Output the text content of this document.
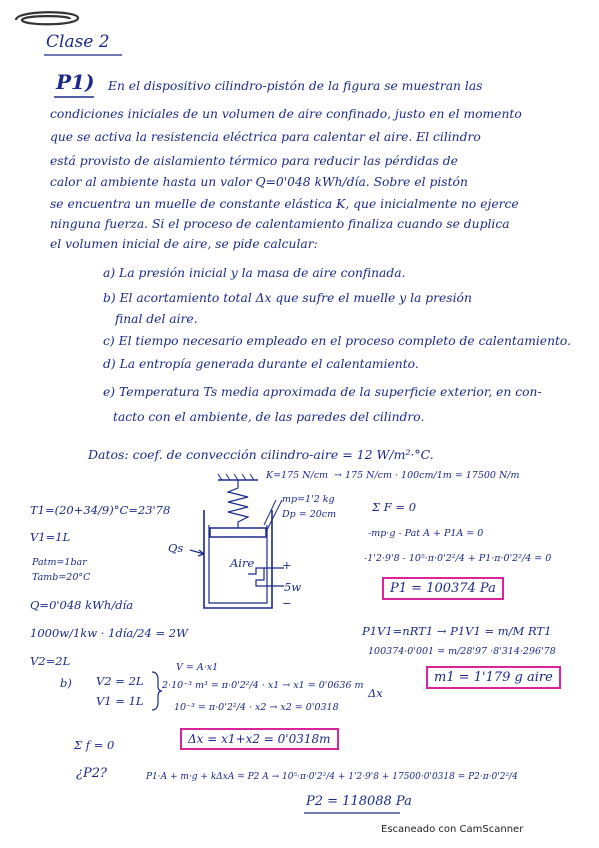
Clase 2
P1) En el dispositivo cilindro-pistón de la figura se muestran las
condiciones iniciales de un volumen de aire confinado, justo en el momento
que se activa la resistencia eléctrica para calentar el aire. El cilindro
está provisto de aislamiento térmico para reducir las pérdidas de
calor al ambiente hasta un valor Q=0'048 kWh/día. Sobre el pistón
se encuentra un muelle de constante elástica K, que inicialmente no ejerce
ninguna fuerza. Si el proceso de calentamiento finaliza cuando se duplica
el volumen inicial de aire, se pide calcular:
a) La presión inicial y la masa de aire confinada.
b) El acortamiento total Δx que sufre el muelle y la presión
final del aire.
c) El tiempo necesario empleado en el proceso completo de calentamiento.
d) La entropía generada durante el calentamiento.
e) Temperatura Ts media aproximada de la superficie exterior, en con-
tacto con el ambiente, de las paredes del cilindro.
Datos: coef. de convección cilindro-aire = 12 W/m²·°C.
T1=(20+34/9)°C=23'78
V1=1L
Patm=1bar
Tamb=20°C
Q=0'048 kWh/día
1000w/1kw · 1día/24 = 2W
V2=2L
K=175 N/cm → 175 N/cm · 100cm/1m = 17500 N/m
mp=1'2 kg
Dp = 20cm
Aire
Qs
5w
+
−
Σ F = 0
-mp·g - Pat A + P1A = 0
-1'2·9'8 - 10⁵·π·0'2²/4 + P1·π·0'2²/4 = 0
P1 = 100374 Pa
P1V1=nRT1 → P1V1 = m/M RT1
100374·0'001 = m/28'97 ·8'314·296'78
m1 = 1'179 g aire
b) V2 = 2L
V1 = 1L
V = A·x1
2·10⁻³ m³ = π·0'2²/4 · x1 → x1 = 0'0636 m
10⁻³ = π·0'2²/4 · x2 → x2 = 0'0318
Δx
Δx = x1+x2 = 0'0318m
Σ f = 0
¿P2?	P1·A + m·g + kΔxA = P2 A → 10⁵·π·0'2²/4 + 1'2·9'8 + 17500·0'0318 = P2·π·0'2²/4
P2 = 118088 Pa
Escaneado con CamScanner
